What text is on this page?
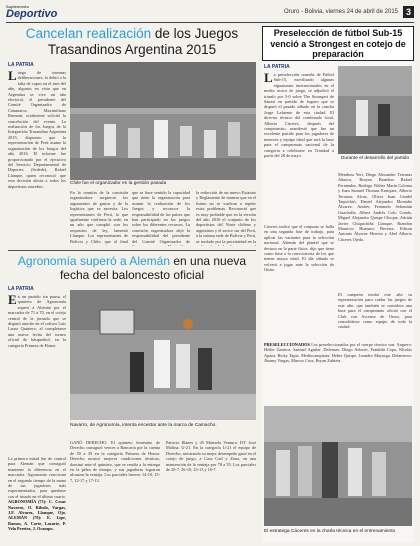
Suplemento
Deportivo	Oruro - Bolivia, viernes 24 de abril de 2015 3
Cancelan realización de los Juegos Trasandinos Argentina 2015
LA PATRIA
Luego de intensas deliberaciones, la debió a la falta de cupos en el mes del año, algunos en vista que en Argentina se vive un año electoral, el presidente del Comité Organizador de Catamarca, Maximiliano Brunoni, ocialmente solicitó la cancelación del evento. La realización de los Juegos de la Integración Trasandina Argentina 2015, dispuesto que la representación de Perú asume la organización de los Juegos del año 2016. El informe fue proporcionado por el ejecutivo del Servicio Departamental de Deportes (Sedede), Rafael Llanque, quien reconoció que esta decisión afecta a todos los deportistas orureños.
Chile fue el organizador en la gestión pasada
En la reunión de la comisión organizadora surgieron los argumentos de gastos y de la logística que se necesita. Los representantes de Perú, lo que igualmente confirma la sede, en un año que cumplió con los requisitos de ley, lamentó Llanque. Los representantes de Bolivia y Chile, que al final
que se hace sentido la capacidad que tiene la organización para asumir la realización de los Juegos y reconoce la responsabilidad de los países que han participado en los juegos sobre los diferentes recursos. La comisión organizadora dejó la responsabilidad del presidente del Comité Organizador de
la redacción de un nuevo Estatuto y Reglamento de manera que en el futuro no se vuelvan a repetir estos problemas. Reconoció que es muy probable que en la versión del año 2016 el conjunto de los deportistas del Norte chileno y argentinos y el sector sur del Perú, a la misma sede de Bolivia y Perú, se traslade por la proximidad en la
Agronomía superó a Alemán en una nueva fecha del baloncesto oficial
LA PATRIA
En un partido sin pausa, el quinteto de Agronomía superó a Alemán por el marcador de 71 a 70, en el cotejo central de la jornada que se disputó anoche en el coliseo Luis Laura Quintero, al completarse una nueva fecha del torneo oficial de básquetbol, en la categoría Primera de Honor.
La primera mitad fue de control para Alemán que consiguió mantener la diferencia en el marcador. Agronomía reaccionó en el segundo tiempo de la mano de sus jugadores más experimentados, para quedarse con el triunfo en el último cuarto. AGRONOMÍA (71): C. Cesar Navarro, O. Ribolo, Vargas, J.F. Alvarez, Llanque, Ojo. ALEMÁN (70): E. Lipe, Ramos, A. Corte, Lazarte, P. Vela Pereira, J. Ocampo.
Navarro, de Agronomía, intenta encestar ante la marca de Camacho.
GANÓ DERECHO. El quinteto femenino de Derecho consiguió vencer a Bancaria por la cuenta de 50 a 39 en la categoría Primera de Honor. Derecho mostró mejores condiciones técnicas, dominó ante el quinteto, que se rendía a la entrega en la pelea de tiempo, y sus jugadoras lograron alcanzar la ventaja. Los parciales fueron: 14-10, 15-7, 12-17 y 17-13.
Patricio Illanes y 45 Marisela Ventura. DT. José Molina. U-21. En la categoría U-21 el equipo de Derecho, mostrando su mejor desempeño ganó en el cotejo de juego, a Casa Carl y Zona, en una mantención de la ventaja por 78 a 55. Los parciales de 20-7, 26-10, 23-13 y 16-7.
Preselección de fútbol Sub-15 venció a Strongest en cotejo de preparación
LA PATRIA
La preselección orureña de Fútbol Sub-15, movilizado algunas alguaruntes internacionales en el medio sector de juego, se adjudicó el triunfo por 5-0 sobre The Strongest de Sanasí en partido de fogueo que se disputó el pasado sábado en la cancha Jorge Lafuente de esta ciudad. El director técnico del combinado local, Alberto Cáceres, después del compromiso, manifestó que fue un excelente partido para los jugadores de menores y equipo ideal que será la base para el campeonato nacional de la categoría a celebrarse en Trinidad a partir del 28 de mayo.
Durante el desarrollo del partido
Cáceres indicó que el conjunto se halla en una segunda fase de trabajo, para aplicar las variantes para la selección nacional. Además del plantel que se destaca en la parte física, dijo que tiene como base a la convocatoria de los que tienen mayor edad. El día sábado se volverá a jugar ante la selección de Oruro.
Mendoza Yeri, Diego Alexander Terrazas Añazco, Brayan Brandon Rafael Fernández, Rodrigo Walter Marín Coloma y Juan Samuel Thomas Enríquez, Alberto Terrazas Alcaz, Oliver Juan Candel Taquichiri, Daniel Alejandro Montaño Álvarez, Andrés Fernando Sebastián Guachalla, Albert Andrés Colo Condo, Miguel Alejandro Quispe Choque, Adrián Javier Chiquichiña Llanque, Brandon Mauricio Huanaco Becerra, Edison Antonio Álvarez Herrera y Abel Alberto Cáceres Ojeda.
El campeón tendrá este año su representación para cuidar las juegos de este año, que también se considera una base para el campeonato oficial con el Club con Ascenso de Oruro, para consolidarse como equipo de toda la ciudad.
PRESELECCIONADOS Los preseleccionados por el cuerpo técnico son: Arquero: Heiler Garnica, Samuel Aguilar. Defensas: Diego Aduviri, Franklin Copa, Nicolás Apaza, Ricky Tapia. Mediocampistas: Heber Quispe, Leandro Mayorga. Delanteros: Jhonny Vargas, Marcos Cruz, Bryan Zubieta.
El estratega Cáceres en la charla técnica en el entrenamiento
